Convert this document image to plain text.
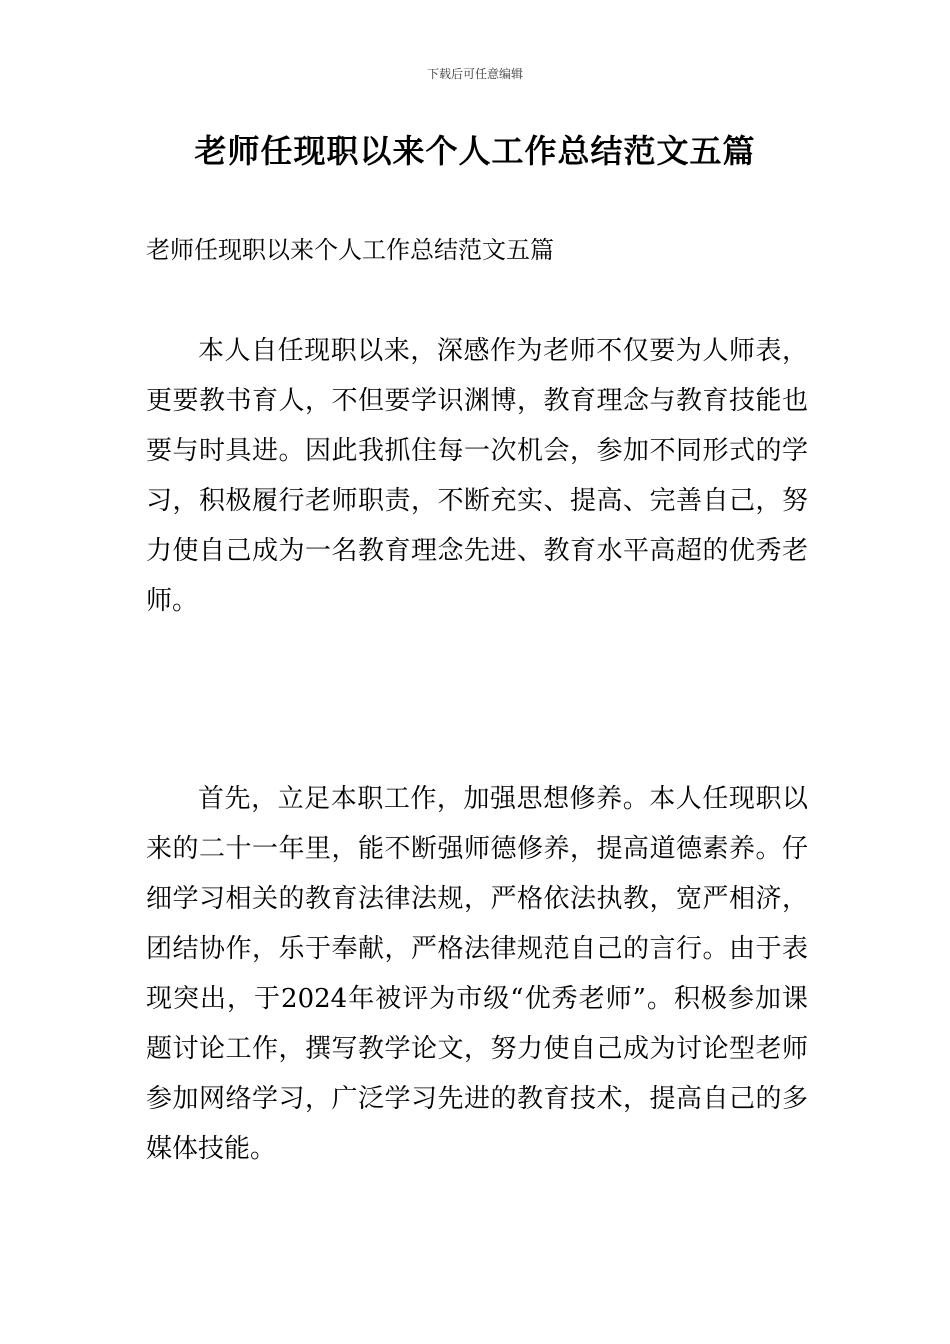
下载后可任意编辑
老师任现职以来个人工作总结范文五篇

老师任现职以来个人工作总结范文五篇

本人自任现职以来，深感作为老师不仅要为人师表，更要教书育人，不但要学识渊博，教育理念与教育技能也要与时具进。因此我抓住每一次机会，参加不同形式的学习，积极履行老师职责，不断充实、提高、完善自己，努力使自己成为一名教育理念先进、教育水平高超的优秀老师。

首先，立足本职工作，加强思想修养。本人任现职以来的二十一年里，能不断强师德修养，提高道德素养。仔细学习相关的教育法律法规，严格依法执教，宽严相济，团结协作，乐于奉献，严格法律规范自己的言行。由于表现突出，于2024年被评为市级“优秀老师”。积极参加课题讨论工作，撰写教学论文，努力使自己成为讨论型老师参加网络学习，广泛学习先进的教育技术，提高自己的多媒体技能。
